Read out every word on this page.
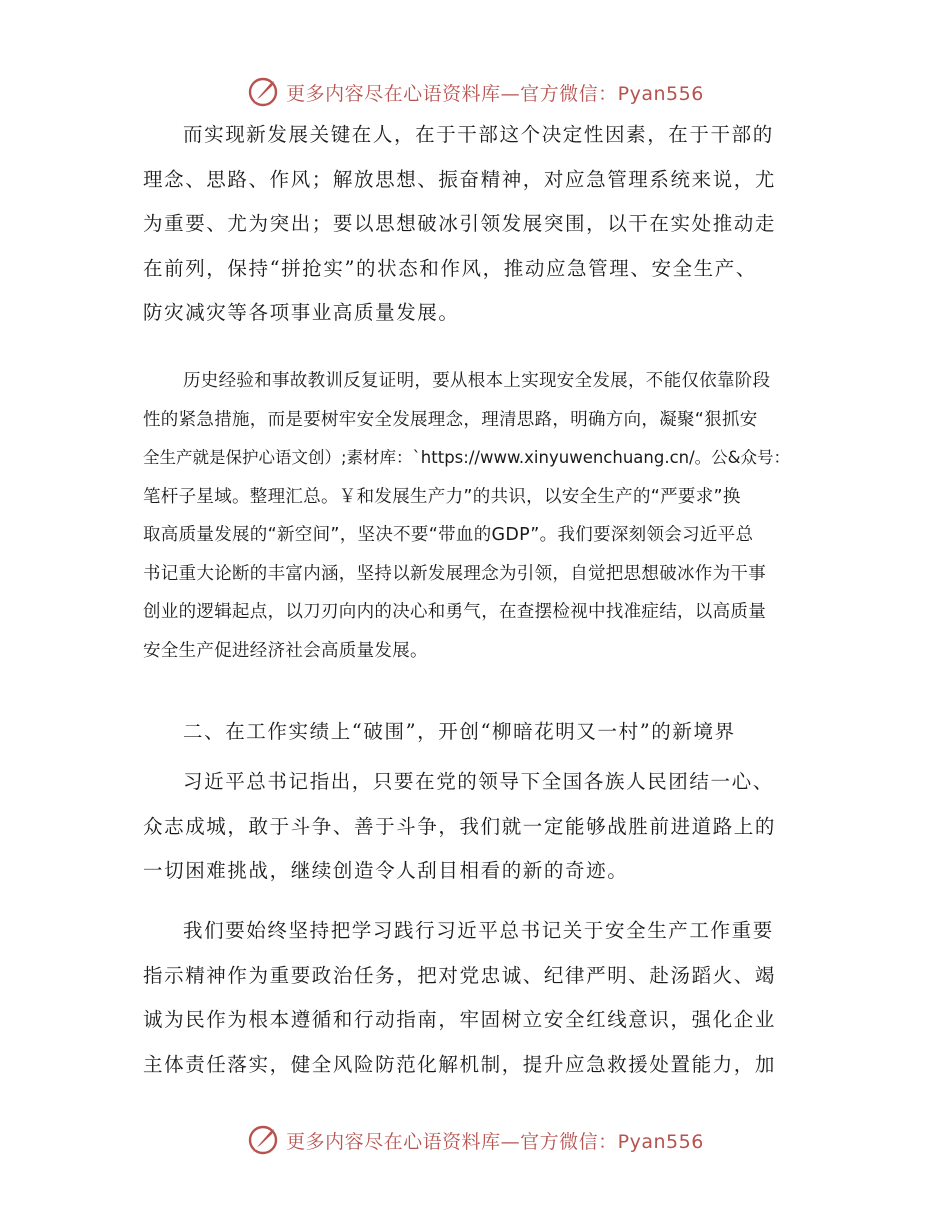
更多内容尽在心语资料库—官方微信：Pyan556
而实现新发展关键在人，在于干部这个决定性因素，在于干部的
理念、思路、作风；解放思想、振奋精神，对应急管理系统来说，尤
为重要、尤为突出；要以思想破冰引领发展突围，以干在实处推动走
在前列，保持“拼抢实”的状态和作风，推动应急管理、安全生产、
防灾减灾等各项事业高质量发展。
历史经验和事故教训反复证明，要从根本上实现安全发展，不能仅依靠阶段
性的紧急措施，而是要树牢安全发展理念，理清思路，明确方向，凝聚“狠抓安
全生产就是保护心语文创）;素材库：`https://www.xinyuwenchuang.cn/。公&众号：
笔杆子星域。整理汇总。￥和发展生产力”的共识，以安全生产的“严要求”换
取高质量发展的“新空间”，坚决不要“带血的GDP”。我们要深刻领会习近平总
书记重大论断的丰富内涵，坚持以新发展理念为引领，自觉把思想破冰作为干事
创业的逻辑起点，以刀刃向内的决心和勇气，在查摆检视中找准症结，以高质量
安全生产促进经济社会高质量发展。
二、在工作实绩上“破围”，开创“柳暗花明又一村”的新境界
习近平总书记指出，只要在党的领导下全国各族人民团结一心、
众志成城，敢于斗争、善于斗争，我们就一定能够战胜前进道路上的
一切困难挑战，继续创造令人刮目相看的新的奇迹。
我们要始终坚持把学习践行习近平总书记关于安全生产工作重要
指示精神作为重要政治任务，把对党忠诚、纪律严明、赴汤蹈火、竭
诚为民作为根本遵循和行动指南，牢固树立安全红线意识，强化企业
主体责任落实，健全风险防范化解机制，提升应急救援处置能力，加
更多内容尽在心语资料库—官方微信：Pyan556
